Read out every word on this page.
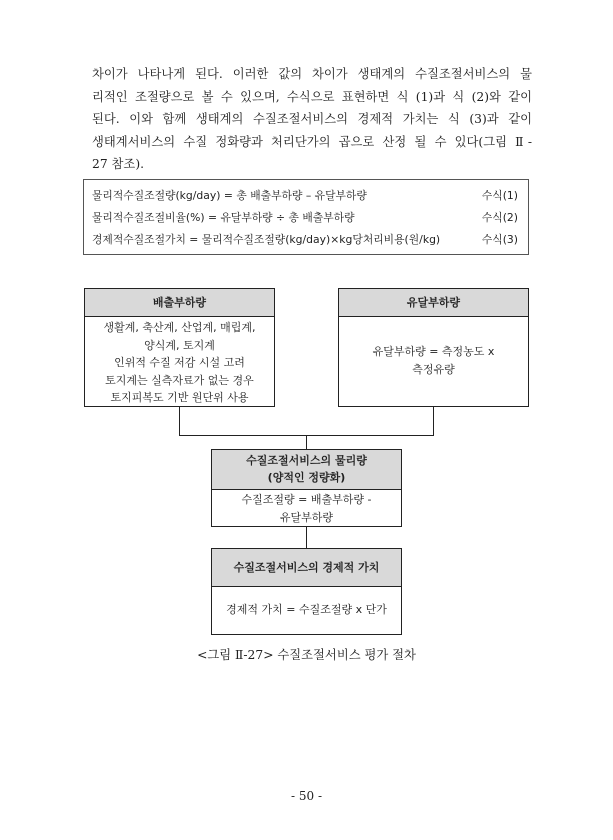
차이가 나타나게 된다. 이러한 값의 차이가 생태계의 수질조절서비스의 물
리적인 조절량으로 볼 수 있으며, 수식으로 표현하면 식 (1)과 식 (2)와 같이
된다. 이와 함께 생태계의 수질조절서비스의 경제적 가치는 식 (3)과 같이
생태계서비스의 수질 정화량과 처리단가의 곱으로 산정 될 수 있다(그림 Ⅱ-
27 참조).
물리적수질조절량(kg/day) = 총 배출부하량 – 유달부하량	수식(1)
물리적수질조절비율(%) = 유달부하량 ÷ 총 배출부하량	수식(2)
경제적수질조절가치 = 물리적수질조절량(kg/day)×kg당처리비용(원/kg)	수식(3)
배출부하량
생활계, 축산계, 산업계, 매립계,
양식계, 토지계
인위적 수질 저감 시설 고려
토지계는 실측자료가 없는 경우
토지피복도 기반 원단위 사용
유달부하량
유달부하량 = 측정농도 x
측정유량
수질조절서비스의 물리량
(양적인 정량화)
수질조절량 = 배출부하량 -
유달부하량
수질조절서비스의 경제적 가치
경제적 가치 = 수질조절량 x 단가
<그림 Ⅱ-27> 수질조절서비스 평가 절차
- 50 -
